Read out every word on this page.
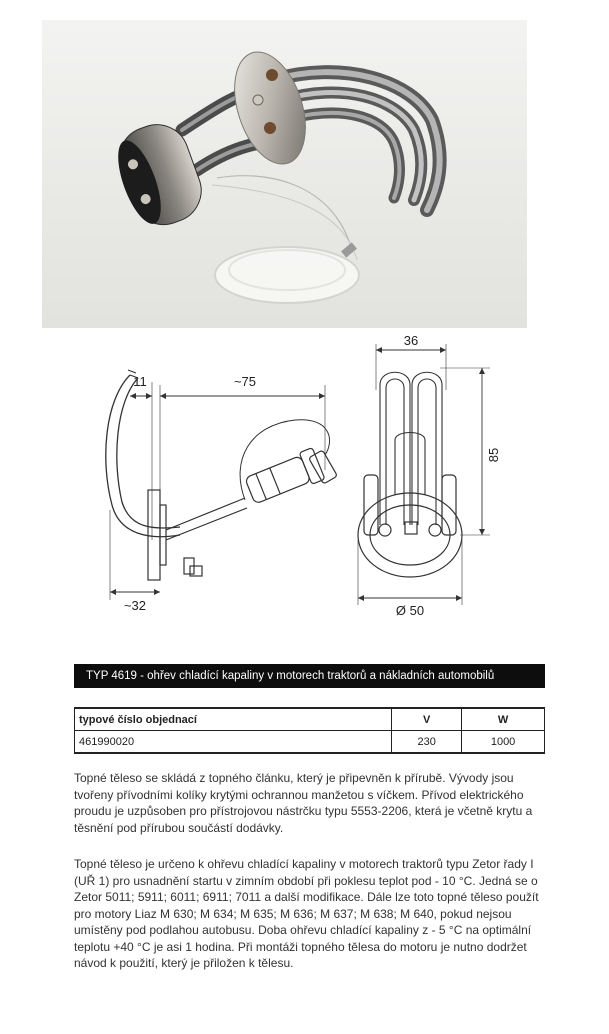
11	~75
~32
36
85
Ø 50
TYP 4619 - ohřev chladící kapaliny v motorech traktorů a nákladních automobilů
typové číslo objednací	V	W
461990020	230	1000

Topné těleso se skládá z topného článku, který je připevněn k přírubě. Vývody jsou tvořeny přívodními kolíky krytými ochrannou manžetou s víčkem. Přívod elektrického proudu je uzpůsoben pro přístrojovou nástrčku typu 5553-2206, která je včetně krytu a těsnění pod přírubou součástí dodávky.

Topné těleso je určeno k ohřevu chladící kapaliny v motorech traktorů typu Zetor řady I (UŘ 1) pro usnadnění startu v zimním období při poklesu teplot pod - 10 °C. Jedná se o Zetor 5011; 5911; 6011; 6911; 7011 a další modifikace. Dále lze toto topné těleso použít pro motory Liaz M 630; M 634; M 635; M 636; M 637; M 638; M 640, pokud nejsou umístěny pod podlahou autobusu. Doba ohřevu chladící kapaliny z - 5 °C na optimální teplotu +40 °C je asi 1 hodina. Při montáži topného tělesa do motoru je nutno dodržet návod k použití, který je přiložen k tělesu.
